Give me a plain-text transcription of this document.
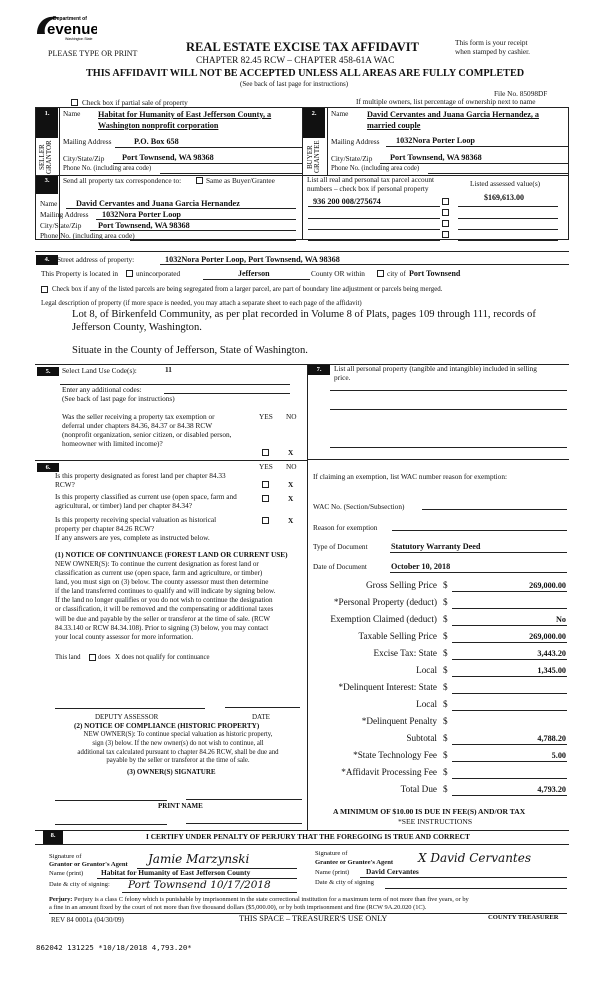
Department of
evenue
Washington State
PLEASE TYPE OR PRINT	REAL ESTATE EXCISE TAX AFFIDAVIT
CHAPTER 82.45 RCW – CHAPTER 458-61A WAC
This form is your receipt
when stamped by cashier.
THIS AFFIDAVIT WILL NOT BE ACCEPTED UNLESS ALL AREAS ARE FULLY COMPLETED
(See back of last page for instructions)
File No. 85098DF
Check box if partial sale of property	If multiple owners, list percentage of ownership next to name
1.
SELLER
GRANTOR
Name Habitat for Humanity of East Jefferson County, a
Washington nonprofit corporation
Mailing Address	P.O. Box 658
City/State/Zip Port Townsend, WA 98368
Phone No. (including area code)
2.
BUYER
GRANTEE
Name David Cervantes and Juana Garcia Hernandez, a
married couple
Mailing Address 1032Nora Porter Loop
City/State/Zip Port Townsend, WA 98368
Phone No. (including area code)
3.	Send all property tax correspondence to:	Same as Buyer/Grantee	List all real and personal tax parcel account
numbers – check box if personal property
Listed assessed value(s)
$169,613.00
Name David Cervantes and Juana Garcia Hernandez
Mailing Address 1032Nora Porter Loop
City/State/Zip Port Townsend, WA 98368
Phone No. (including area code)
936 200 008/275674
4.	Street address of property:	1032Nora Porter Loop, Port Townsend, WA 98368
This Property is located in unincorporated	Jefferson	County OR within	city of Port Townsend
Check box if any of the listed parcels are being segregated from a larger parcel, are part of boundary line adjustment or parcels being merged.
Legal description of property (if more space is needed, you may attach a separate sheet to each page of the affidavit)
Lot 8, of Birkenfeld Community, as per plat recorded in Volume 8 of Plats, pages 109 through 111, records of
Jefferson County, Washington.
Situate in the County of Jefferson, State of Washington.
5.	Select Land Use Code(s):	11
Enter any additional codes:
(See back of last page for instructions)
Was the seller receiving a property tax exemption or
deferral under chapters 84.36, 84.37 or 84.38 RCW
(nonprofit organization, senior citizen, or disabled person,
homeowner with limited income)?
YES NO
X
6.	YES NO
Is this property designated as forest land per chapter 84.33
RCW?	X
Is this property classified as current use (open space, farm and
agricultural, or timber) land per chapter 84.34?
X
Is this property receiving special valuation as historical
property per chapter 84.26 RCW?
X
If any answers are yes, complete as instructed below.
(1) NOTICE OF CONTINUANCE (FOREST LAND OR CURRENT USE)
NEW OWNER(S): To continue the current designation as forest land or
classification as current use (open space, farm and agriculture, or timber)
land, you must sign on (3) below. The county assessor must then determine
if the land transferred continues to qualify and will indicate by signing below.
If the land no longer qualifies or you do not wish to continue the designation
or classification, it will be removed and the compensating or additional taxes
will be due and payable by the seller or transferor at the time of sale. (RCW
84.33.140 or RCW 84.34.108). Prior to signing (3) below, you may contact
your local county assessor for more information.
This land	does X does not qualify for continuance
DEPUTY ASSESSOR	DATE
(2) NOTICE OF COMPLIANCE (HISTORIC PROPERTY)
NEW OWNER(S): To continue special valuation as historic property,
sign (3) below. If the new owner(s) do not wish to continue, all
additional tax calculated pursuant to chapter 84.26 RCW, shall be due and
payable by the seller or transferor at the time of sale.
(3) OWNER(S) SIGNATURE
PRINT NAME
7.	List all personal property (tangible and intangible) included in selling
price.
If claiming an exemption, list WAC number reason for exemption:
WAC No. (Section/Subsection)
Reason for exemption
Type of Document	Statutory Warranty Deed
Date of Document	October 10, 2018
Gross Selling Price $	269,000.00
*Personal Property (deduct) $
Exemption Claimed (deduct) $	No
Taxable Selling Price $	269,000.00
Excise Tax: State $	3,443.20
Local $	1,345.00
*Delinquent Interest: State $
Local $
*Delinquent Penalty $
Subtotal $	4,788.20
*State Technology Fee $	5.00
*Affidavit Processing Fee $
Total Due $	4,793.20
A MINIMUM OF $10.00 IS DUE IN FEE(S) AND/OR TAX
*SEE INSTRUCTIONS
8.	I CERTIFY UNDER PENALTY OF PERJURY THAT THE FOREGOING IS TRUE AND CORRECT
Signature of
Grantor or Grantor's Agent Jamie Marzynski
Name (print) Habitat for Humanity of East Jefferson County
Date & city of signing: Port Townsend 10/17/2018
Signature of
Grantee or Grantee's Agent X David Cervantes
Name (print) David Cervantes
Date & city of signing
Perjury: Perjury is a class C felony which is punishable by imprisonment in the state correctional institution for a maximum term of not more than five years, or by
a fine in an amount fixed by the court of not more than five thousand dollars ($5,000.00), or by both imprisonment and fine (RCW 9A.20.020 (1C).
REV 84 0001a (04/30/09)	THIS SPACE – TREASURER'S USE ONLY	COUNTY TREASURER
862042 131225 *10/18/2018 4,793.20*
